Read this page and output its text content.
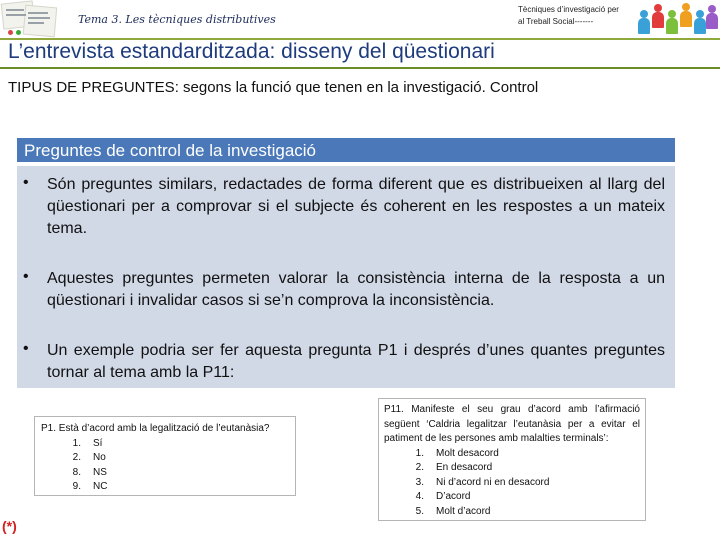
Tema 3. Les tècniques distributives
Tècniques d’investigació per
al Treball Social-------
L’entrevista estandarditzada: disseny del qüestionari
TIPUS DE PREGUNTES: segons la funció que tenen en la investigació. Control
Preguntes de control de la investigació
• Són preguntes similars, redactades de forma diferent que es distribueixen al llarg del qüestionari per a comprovar si el subjecte és coherent en les respostes a un mateix tema.
• Aquestes preguntes permeten valorar la consistència interna de la resposta a un qüestionari i invalidar casos si se’n comprova la inconsistència.
• Un exemple podria ser fer aquesta pregunta P1 i després d’unes quantes preguntes tornar al tema amb la P11:
P1. Està d’acord amb la legalització de l’eutanàsia?
1.	Sí
2.	No
8.	NS
9.	NC
P11. Manifeste el seu grau d’acord amb l’afirmació següent ‘Caldria legalitzar l’eutanàsia per a evitar el patiment de les persones amb malalties terminals’:
1.	Molt desacord
2.	En desacord
3.	Ni d’acord ni en desacord
4.	D’acord
5.	Molt d’acord
(*)
